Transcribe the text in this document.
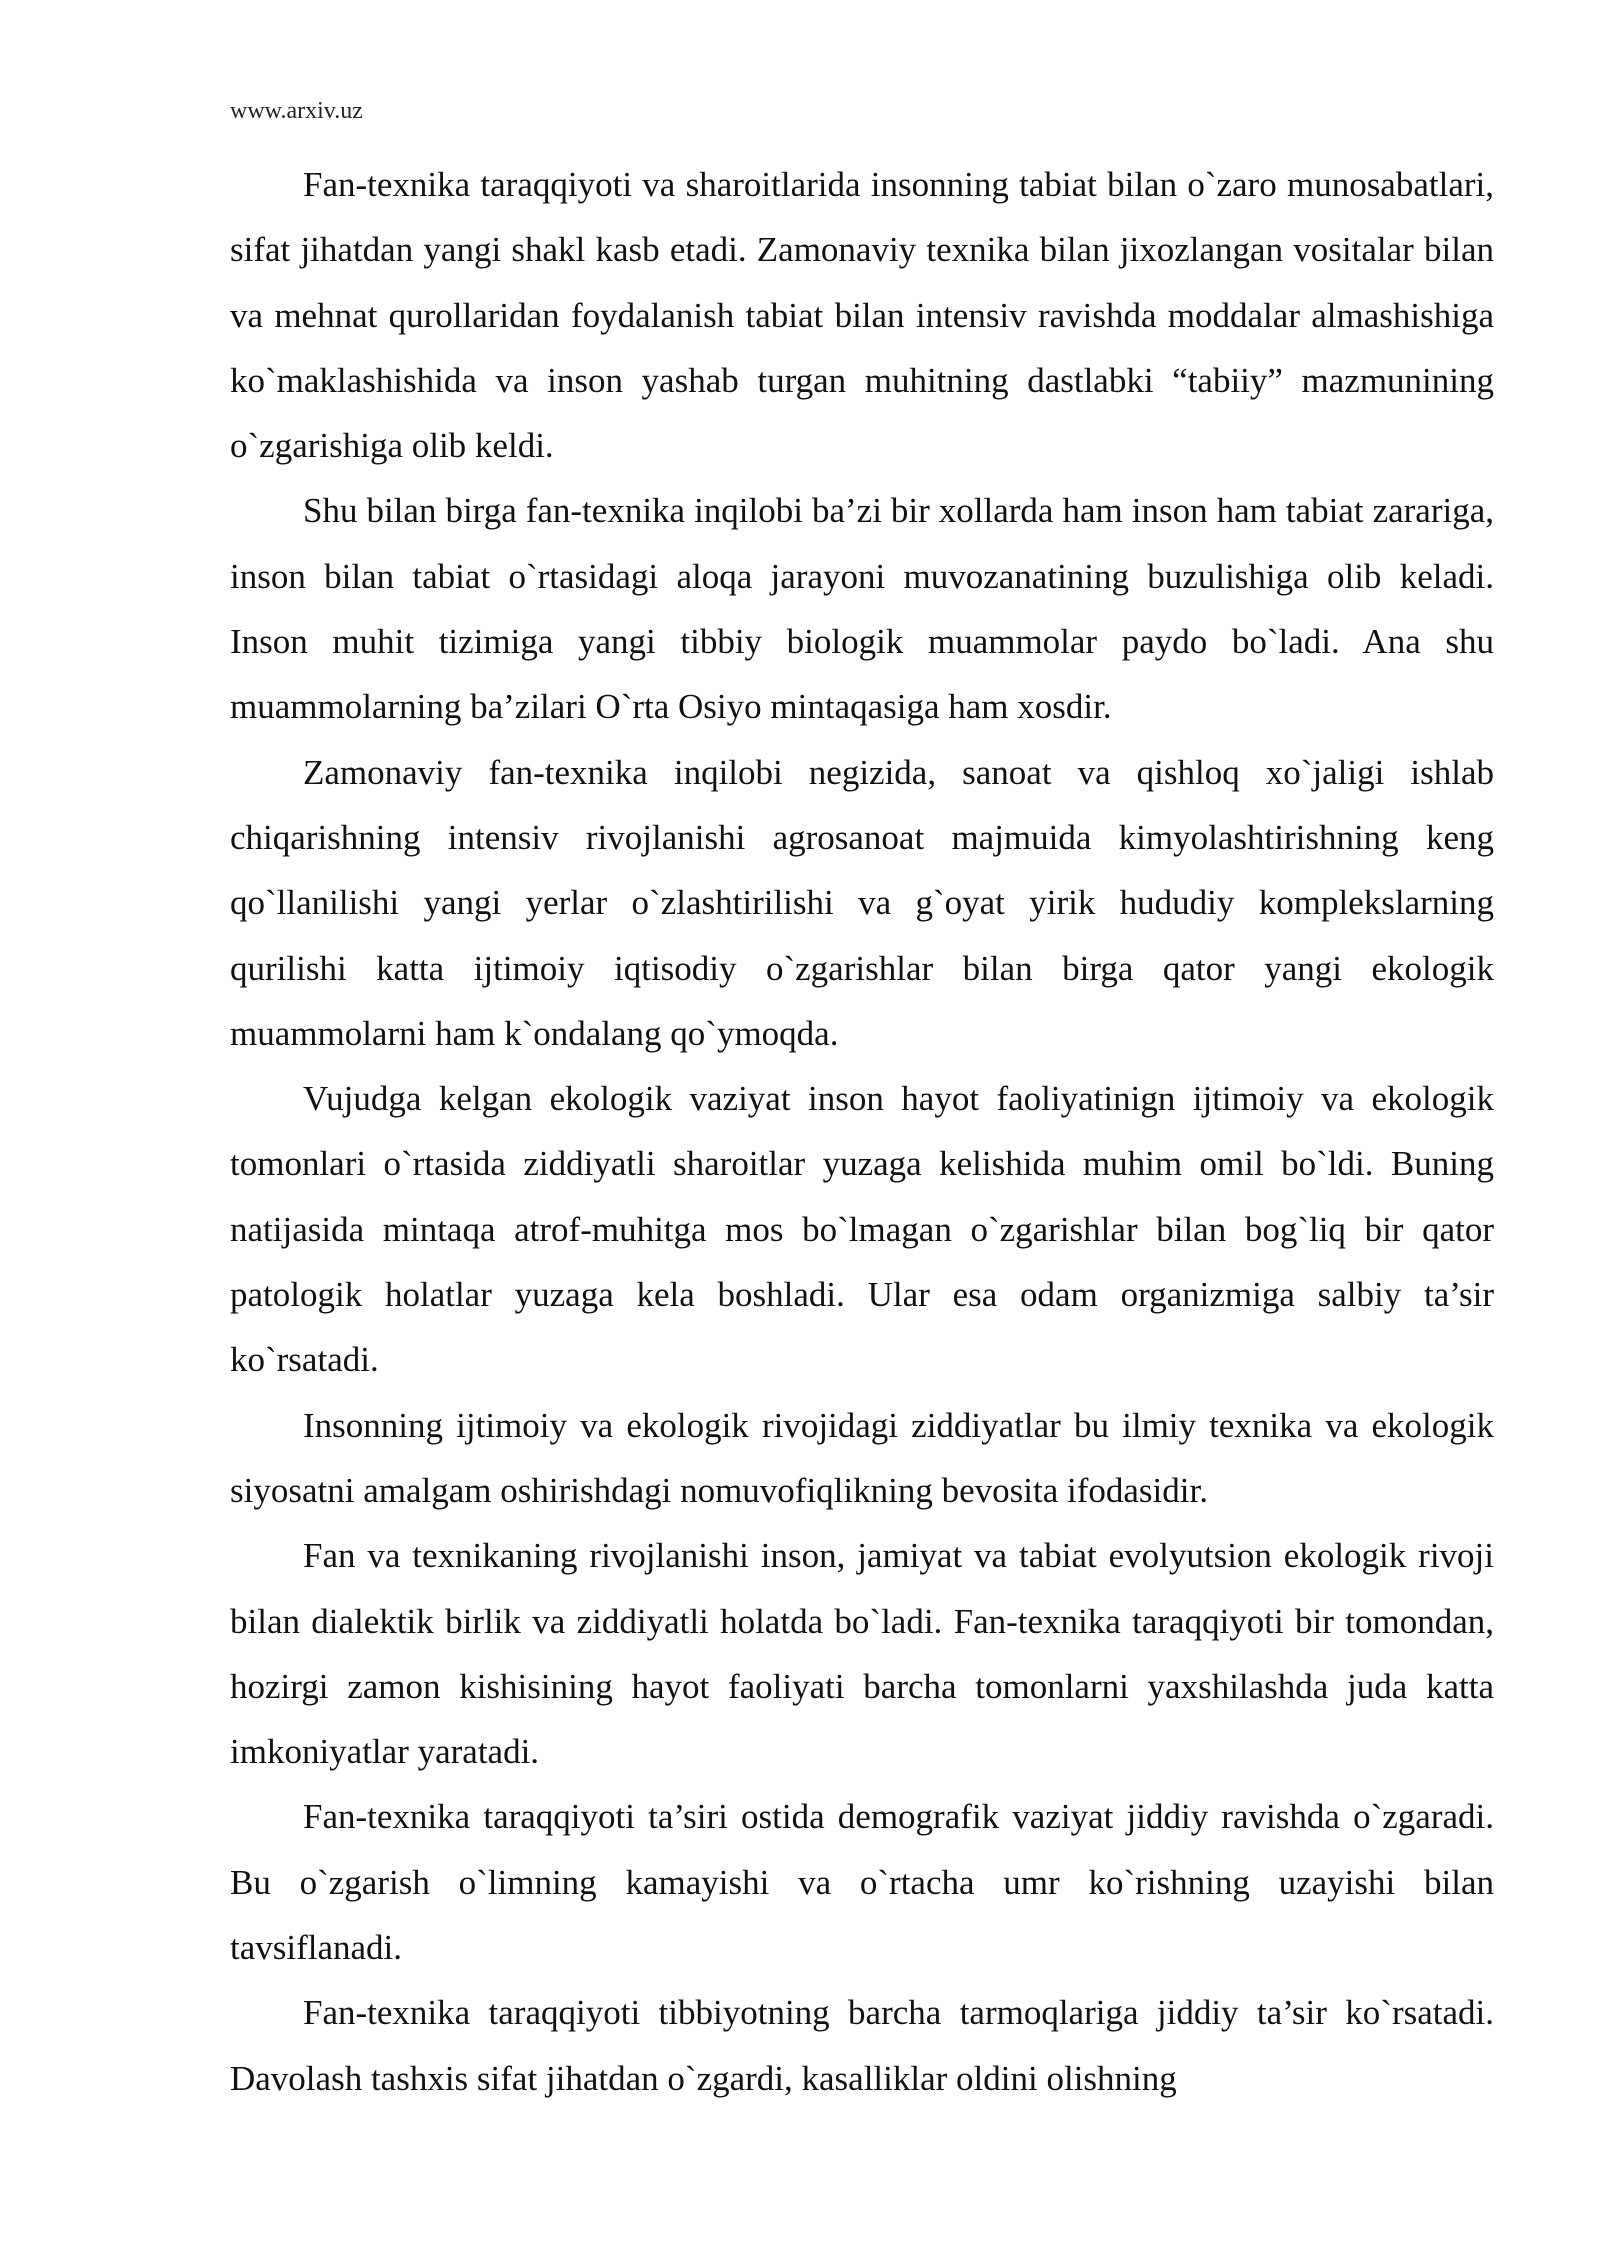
www.arxiv.uz

Fan-texnika taraqqiyoti va sharoitlarida insonning tabiat bilan o`zaro munosabatlari, sifat jihatdan yangi shakl kasb etadi. Zamonaviy texnika bilan jixozlangan vositalar bilan va mehnat qurollaridan foydalanish tabiat bilan intensiv ravishda moddalar almashishiga ko`maklashishida va inson yashab turgan muhitning dastlabki “tabiiy” mazmunining o`zgarishiga olib keldi.

Shu bilan birga fan-texnika inqilobi ba’zi bir xollarda ham inson ham tabiat zarariga, inson bilan tabiat o`rtasidagi aloqa jarayoni muvozanatining buzulishiga olib keladi. Inson muhit tizimiga yangi tibbiy biologik muammolar paydo bo`ladi. Ana shu muammolarning ba’zilari O`rta Osiyo mintaqasiga ham xosdir.

Zamonaviy fan-texnika inqilobi negizida, sanoat va qishloq xo`jaligi ishlab chiqarishning intensiv rivojlanishi agrosanoat majmuida kimyolashtirishning keng qo`llanilishi yangi yerlar o`zlashtirilishi va g`oyat yirik hududiy komplekslarning qurilishi katta ijtimoiy iqtisodiy o`zgarishlar bilan birga qator yangi ekologik muammolarni ham k`ondalang qo`ymoqda.

Vujudga kelgan ekologik vaziyat inson hayot faoliyatinign ijtimoiy va ekologik tomonlari o`rtasida ziddiyatli sharoitlar yuzaga kelishida muhim omil bo`ldi. Buning natijasida mintaqa atrof-muhitga mos bo`lmagan o`zgarishlar bilan bog`liq bir qator patologik holatlar yuzaga kela boshladi. Ular esa odam organizmiga salbiy ta’sir ko`rsatadi.

Insonning ijtimoiy va ekologik rivojidagi ziddiyatlar bu ilmiy texnika va ekologik siyosatni amalgam oshirishdagi nomuvofiqlikning bevosita ifodasidir.

Fan va texnikaning rivojlanishi inson, jamiyat va tabiat evolyutsion ekologik rivoji bilan dialektik birlik va ziddiyatli holatda bo`ladi. Fan-texnika taraqqiyoti bir tomondan, hozirgi zamon kishisining hayot faoliyati barcha tomonlarni yaxshilashda juda katta imkoniyatlar yaratadi.

Fan-texnika taraqqiyoti ta’siri ostida demografik vaziyat jiddiy ravishda o`zgaradi. Bu o`zgarish o`limning kamayishi va o`rtacha umr ko`rishning uzayishi bilan tavsiflanadi.

Fan-texnika taraqqiyoti tibbiyotning barcha tarmoqlariga jiddiy ta’sir ko`rsatadi. Davolash tashxis sifat jihatdan o`zgardi, kasalliklar oldini olishning
